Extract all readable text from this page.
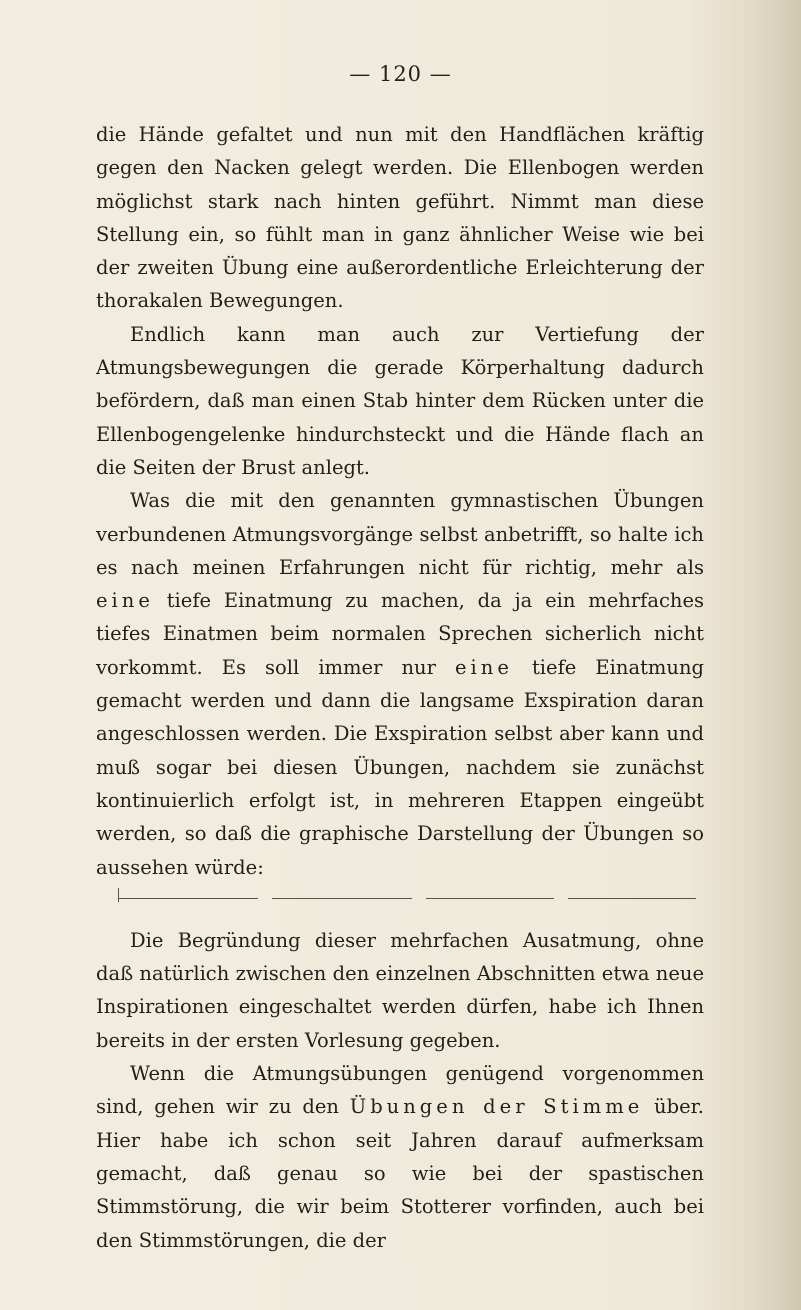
— 120 —

die Hände gefaltet und nun mit den Handflächen kräftig gegen den Nacken gelegt werden. Die Ellenbogen werden möglichst stark nach hinten geführt. Nimmt man diese Stellung ein, so fühlt man in ganz ähnlicher Weise wie bei der zweiten Übung eine außerordentliche Erleichterung der thorakalen Bewegungen.

Endlich kann man auch zur Vertiefung der Atmungsbewegungen die gerade Körperhaltung dadurch befördern, daß man einen Stab hinter dem Rücken unter die Ellenbogengelenke hindurchsteckt und die Hände flach an die Seiten der Brust anlegt.

Was die mit den genannten gymnastischen Übungen verbundenen Atmungsvorgänge selbst anbetrifft, so halte ich es nach meinen Erfahrungen nicht für richtig, mehr als eine tiefe Einatmung zu machen, da ja ein mehrfaches tiefes Einatmen beim normalen Sprechen sicherlich nicht vorkommt. Es soll immer nur eine tiefe Einatmung gemacht werden und dann die langsame Exspiration daran angeschlossen werden. Die Exspiration selbst aber kann und muß sogar bei diesen Übungen, nachdem sie zunächst kontinuierlich erfolgt ist, in mehreren Etappen eingeübt werden, so daß die graphische Darstellung der Übungen so aussehen würde:

Die Begründung dieser mehrfachen Ausatmung, ohne daß natürlich zwischen den einzelnen Abschnitten etwa neue Inspirationen eingeschaltet werden dürfen, habe ich Ihnen bereits in der ersten Vorlesung gegeben.

Wenn die Atmungsübungen genügend vorgenommen sind, gehen wir zu den Übungen der Stimme über. Hier habe ich schon seit Jahren darauf aufmerksam gemacht, daß genau so wie bei der spastischen Stimmstörung, die wir beim Stotterer vorfinden, auch bei den Stimmstörungen, die der
